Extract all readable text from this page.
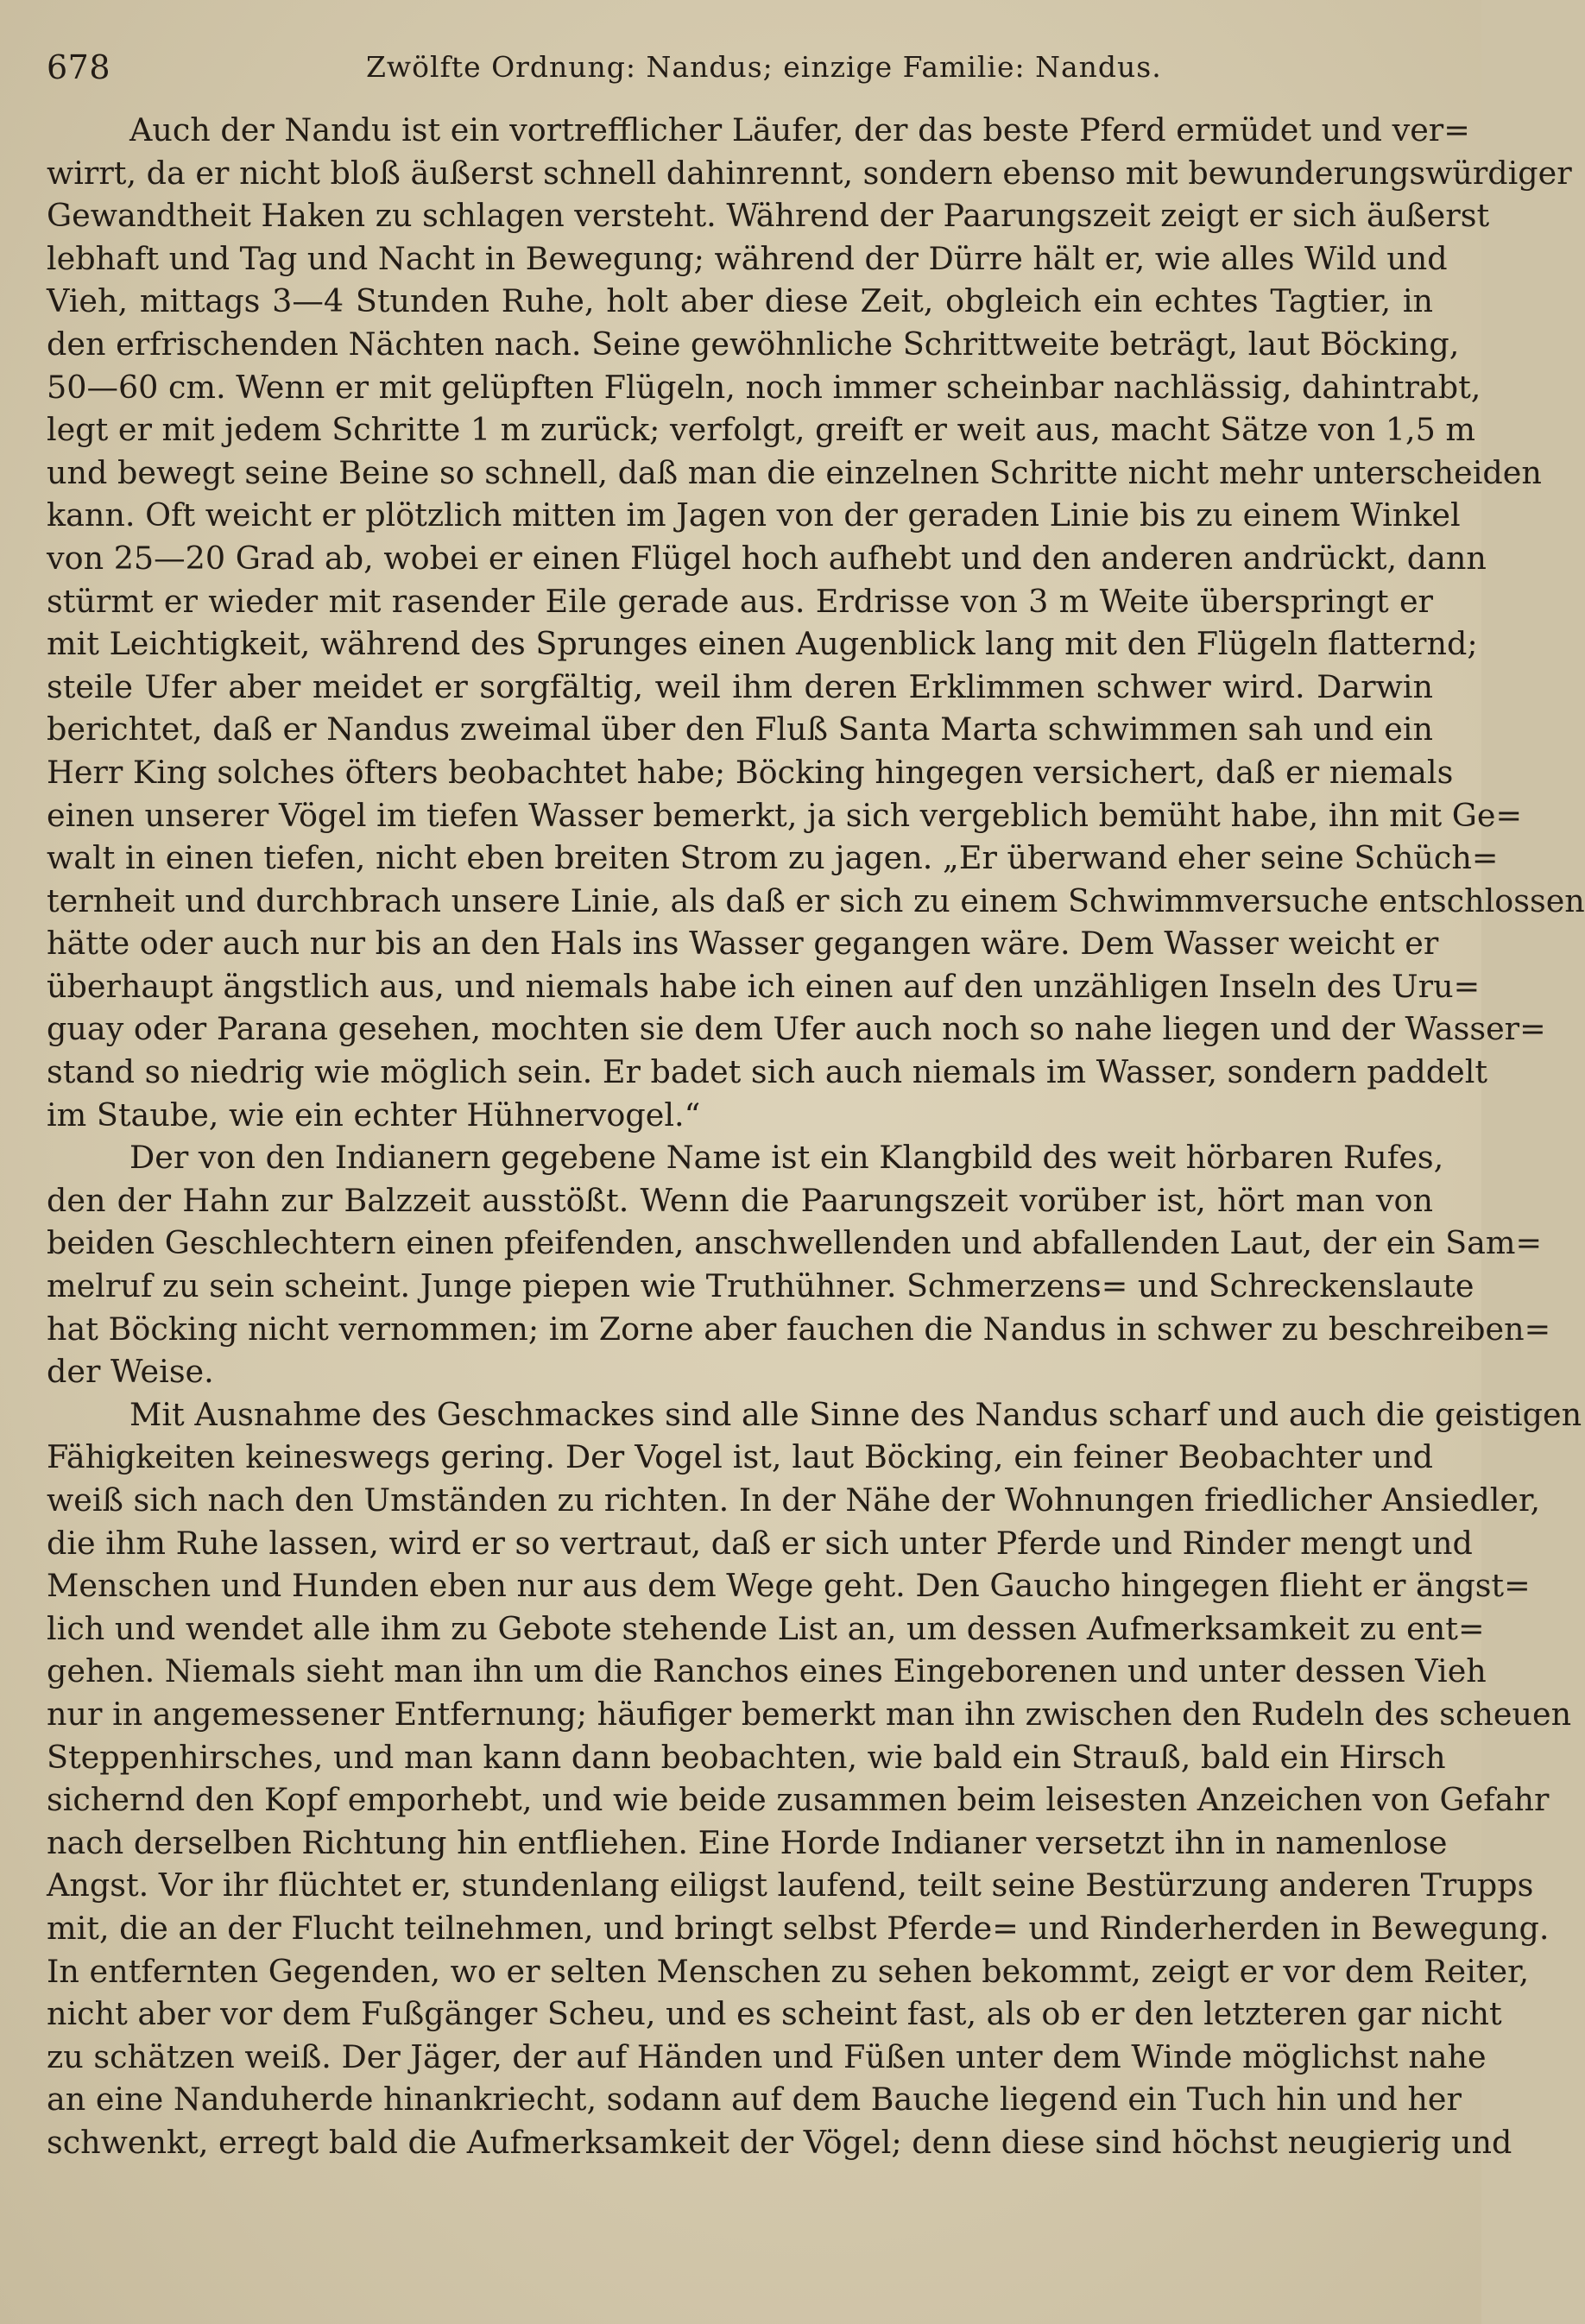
678	Zwölfte Ordnung: Nandus; einzige Familie: Nandus.
Auch der Nandu ist ein vortrefflicher Läufer, der das beste Pferd ermüdet und ver=
wirrt, da er nicht bloß äußerst schnell dahinrennt, sondern ebenso mit bewunderungswürdiger
Gewandtheit Haken zu schlagen versteht. Während der Paarungszeit zeigt er sich äußerst
lebhaft und Tag und Nacht in Bewegung; während der Dürre hält er, wie alles Wild und
Vieh, mittags 3—4 Stunden Ruhe, holt aber diese Zeit, obgleich ein echtes Tagtier, in
den erfrischenden Nächten nach. Seine gewöhnliche Schrittweite beträgt, laut Böcking,
50—60 cm. Wenn er mit gelüpften Flügeln, noch immer scheinbar nachlässig, dahintrabt,
legt er mit jedem Schritte 1 m zurück; verfolgt, greift er weit aus, macht Sätze von 1,5 m
und bewegt seine Beine so schnell, daß man die einzelnen Schritte nicht mehr unterscheiden
kann. Oft weicht er plötzlich mitten im Jagen von der geraden Linie bis zu einem Winkel
von 25—20 Grad ab, wobei er einen Flügel hoch aufhebt und den anderen andrückt, dann
stürmt er wieder mit rasender Eile gerade aus. Erdrisse von 3 m Weite überspringt er
mit Leichtigkeit, während des Sprunges einen Augenblick lang mit den Flügeln flatternd;
steile Ufer aber meidet er sorgfältig, weil ihm deren Erklimmen schwer wird. Darwin
berichtet, daß er Nandus zweimal über den Fluß Santa Marta schwimmen sah und ein
Herr King solches öfters beobachtet habe; Böcking hingegen versichert, daß er niemals
einen unserer Vögel im tiefen Wasser bemerkt, ja sich vergeblich bemüht habe, ihn mit Ge=
walt in einen tiefen, nicht eben breiten Strom zu jagen. „Er überwand eher seine Schüch=
ternheit und durchbrach unsere Linie, als daß er sich zu einem Schwimmversuche entschlossen
hätte oder auch nur bis an den Hals ins Wasser gegangen wäre. Dem Wasser weicht er
überhaupt ängstlich aus, und niemals habe ich einen auf den unzähligen Inseln des Uru=
guay oder Parana gesehen, mochten sie dem Ufer auch noch so nahe liegen und der Wasser=
stand so niedrig wie möglich sein. Er badet sich auch niemals im Wasser, sondern paddelt
im Staube, wie ein echter Hühnervogel.“
Der von den Indianern gegebene Name ist ein Klangbild des weit hörbaren Rufes,
den der Hahn zur Balzzeit ausstößt. Wenn die Paarungszeit vorüber ist, hört man von
beiden Geschlechtern einen pfeifenden, anschwellenden und abfallenden Laut, der ein Sam=
melruf zu sein scheint. Junge piepen wie Truthühner. Schmerzens= und Schreckenslaute
hat Böcking nicht vernommen; im Zorne aber fauchen die Nandus in schwer zu beschreiben=
der Weise.
Mit Ausnahme des Geschmackes sind alle Sinne des Nandus scharf und auch die geistigen
Fähigkeiten keineswegs gering. Der Vogel ist, laut Böcking, ein feiner Beobachter und
weiß sich nach den Umständen zu richten. In der Nähe der Wohnungen friedlicher Ansiedler,
die ihm Ruhe lassen, wird er so vertraut, daß er sich unter Pferde und Rinder mengt und
Menschen und Hunden eben nur aus dem Wege geht. Den Gaucho hingegen flieht er ängst=
lich und wendet alle ihm zu Gebote stehende List an, um dessen Aufmerksamkeit zu ent=
gehen. Niemals sieht man ihn um die Ranchos eines Eingeborenen und unter dessen Vieh
nur in angemessener Entfernung; häufiger bemerkt man ihn zwischen den Rudeln des scheuen
Steppenhirsches, und man kann dann beobachten, wie bald ein Strauß, bald ein Hirsch
sichernd den Kopf emporhebt, und wie beide zusammen beim leisesten Anzeichen von Gefahr
nach derselben Richtung hin entfliehen. Eine Horde Indianer versetzt ihn in namenlose
Angst. Vor ihr flüchtet er, stundenlang eiligst laufend, teilt seine Bestürzung anderen Trupps
mit, die an der Flucht teilnehmen, und bringt selbst Pferde= und Rinderherden in Bewegung.
In entfernten Gegenden, wo er selten Menschen zu sehen bekommt, zeigt er vor dem Reiter,
nicht aber vor dem Fußgänger Scheu, und es scheint fast, als ob er den letzteren gar nicht
zu schätzen weiß. Der Jäger, der auf Händen und Füßen unter dem Winde möglichst nahe
an eine Nanduherde hinankriecht, sodann auf dem Bauche liegend ein Tuch hin und her
schwenkt, erregt bald die Aufmerksamkeit der Vögel; denn diese sind höchst neugierig und
